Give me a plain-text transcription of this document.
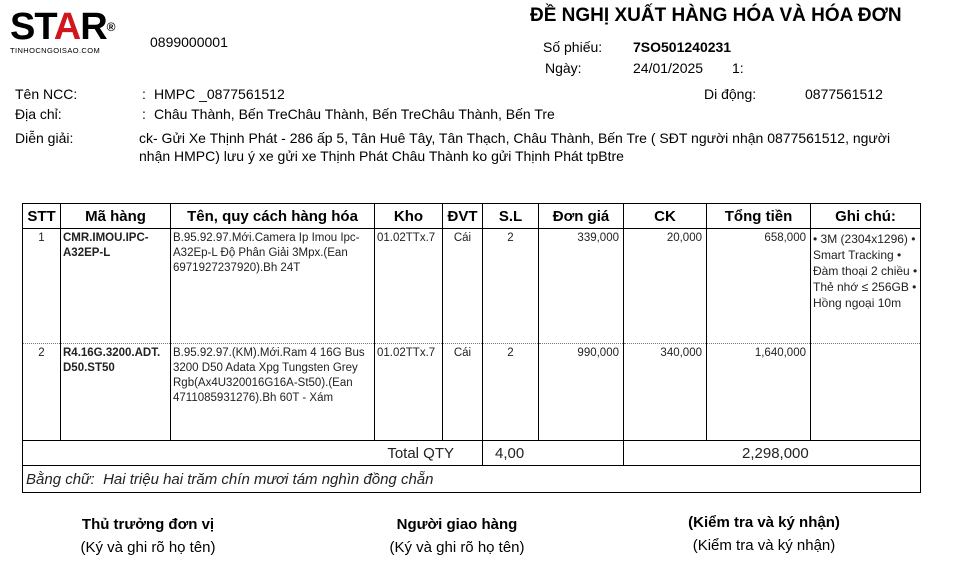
STAR®
TINHOCNGOISAO.COM
0899000001
ĐỀ NGHỊ XUẤT HÀNG HÓA VÀ HÓA ĐƠN
Số phiếu: 7SO501240231
Ngày:	24/01/2025 1:
Tên NCC:	: HMPC _0877561512	Di động:	0877561512
Địa chỉ:	: Châu Thành, Bến TreChâu Thành, Bến TreChâu Thành, Bến Tre
Diễn giải:	ck- Gửi Xe Thịnh Phát - 286 ấp 5, Tân Huê Tây, Tân Thạch, Châu Thành, Bến Tre ( SĐT người nhận 0877561512, người
nhận HMPC) lưu ý xe gửi xe Thịnh Phát Châu Thành ko gửi Thịnh Phát tpBtre
STT	Mã hàng	Tên, quy cách hàng hóa	Kho	ĐVT	S.L	Đơn giá	CK	Tổng tiền	Ghi chú:
1	CMR.IMOU.IPC-A32EP-L	B.95.92.97.Mới.Camera Ip Imou Ipc-A32Ep-L Độ Phân Giải 3Mpx.(Ean 6971927237920).Bh 24T	01.02TTx.7	Cái	2	339,000	20,000	658,000	• 3M (2304x1296) • Smart Tracking • Đàm thoại 2 chiều • Thẻ nhớ ≤ 256GB • Hồng ngoại 10m
2	R4.16G.3200.ADT.D50.ST50	B.95.92.97.(KM).Mới.Ram 4 16G Bus 3200 D50 Adata Xpg Tungsten Grey Rgb(Ax4U320016G16A-St50).(Ean 4711085931276).Bh 60T - Xám	01.02TTx.7	Cái	2	990,000	340,000	1,640,000	
Total QTY					4,00		2,298,000		
Bằng chữ: Hai triệu hai trăm chín mươi tám nghìn đồng chẵn									
Thủ trưởng đơn vị
(Ký và ghi rõ họ tên)
Người giao hàng
(Ký và ghi rõ họ tên)
(Kiểm tra và ký nhận)
(Kiểm tra và ký nhận)
